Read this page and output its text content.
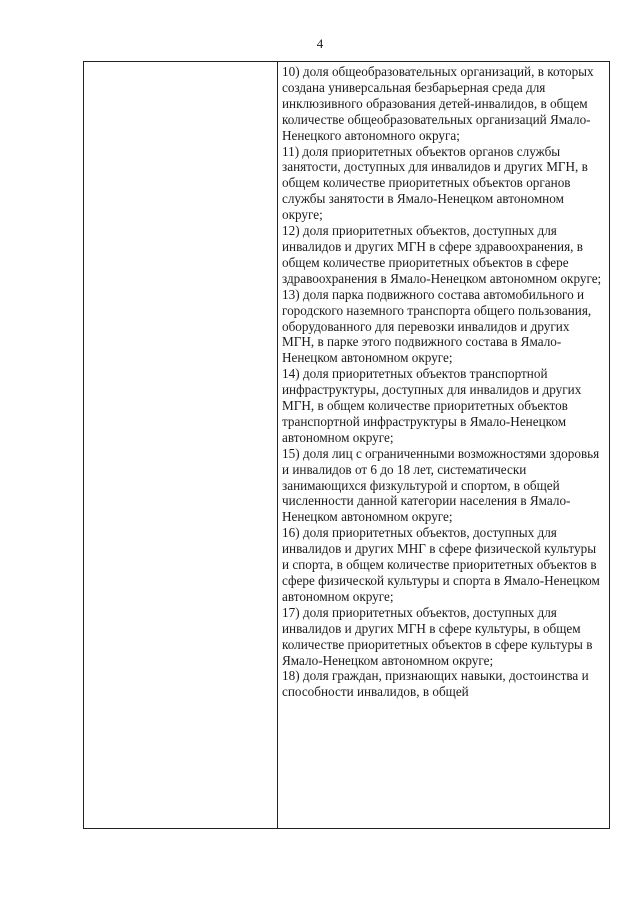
4

10) доля общеобразовательных организаций, в которых создана универсальная безбарьерная среда для инклюзивного образования детей-инвалидов, в общем количестве общеобразовательных организаций Ямало-Ненецкого автономного округа;

11) доля приоритетных объектов органов службы занятости, доступных для инвалидов и других МГН, в общем количестве приоритетных объектов органов службы занятости в Ямало-Ненецком автономном округе;

12) доля приоритетных объектов, доступных для инвалидов и других МГН в сфере здравоохранения, в общем количестве приоритетных объектов в сфере здравоохранения в Ямало-Ненецком автономном округе;

13) доля парка подвижного состава автомобильного и городского наземного транспорта общего пользования, оборудованного для перевозки инвалидов и других МГН, в парке этого подвижного состава в Ямало-Ненецком автономном округе;

14) доля приоритетных объектов транспортной инфраструктуры, доступных для инвалидов и других МГН, в общем количестве приоритетных объектов транспортной инфраструктуры в Ямало-Ненецком автономном округе;

15) доля лиц с ограниченными возможностями здоровья и инвалидов от 6 до 18 лет, систематически занимающихся физкультурой и спортом, в общей численности данной категории населения в Ямало-Ненецком автономном округе;

16) доля приоритетных объектов, доступных для инвалидов и других МНГ в сфере физической культуры и спорта, в общем количестве приоритетных объектов в сфере физической культуры и спорта в Ямало-Ненецком автономном округе;

17) доля приоритетных объектов, доступных для инвалидов и других МГН в сфере культуры, в общем количестве приоритетных объектов в сфере культуры в Ямало-Ненецком автономном округе;

18) доля граждан, признающих навыки, достоинства и способности инвалидов, в общей
